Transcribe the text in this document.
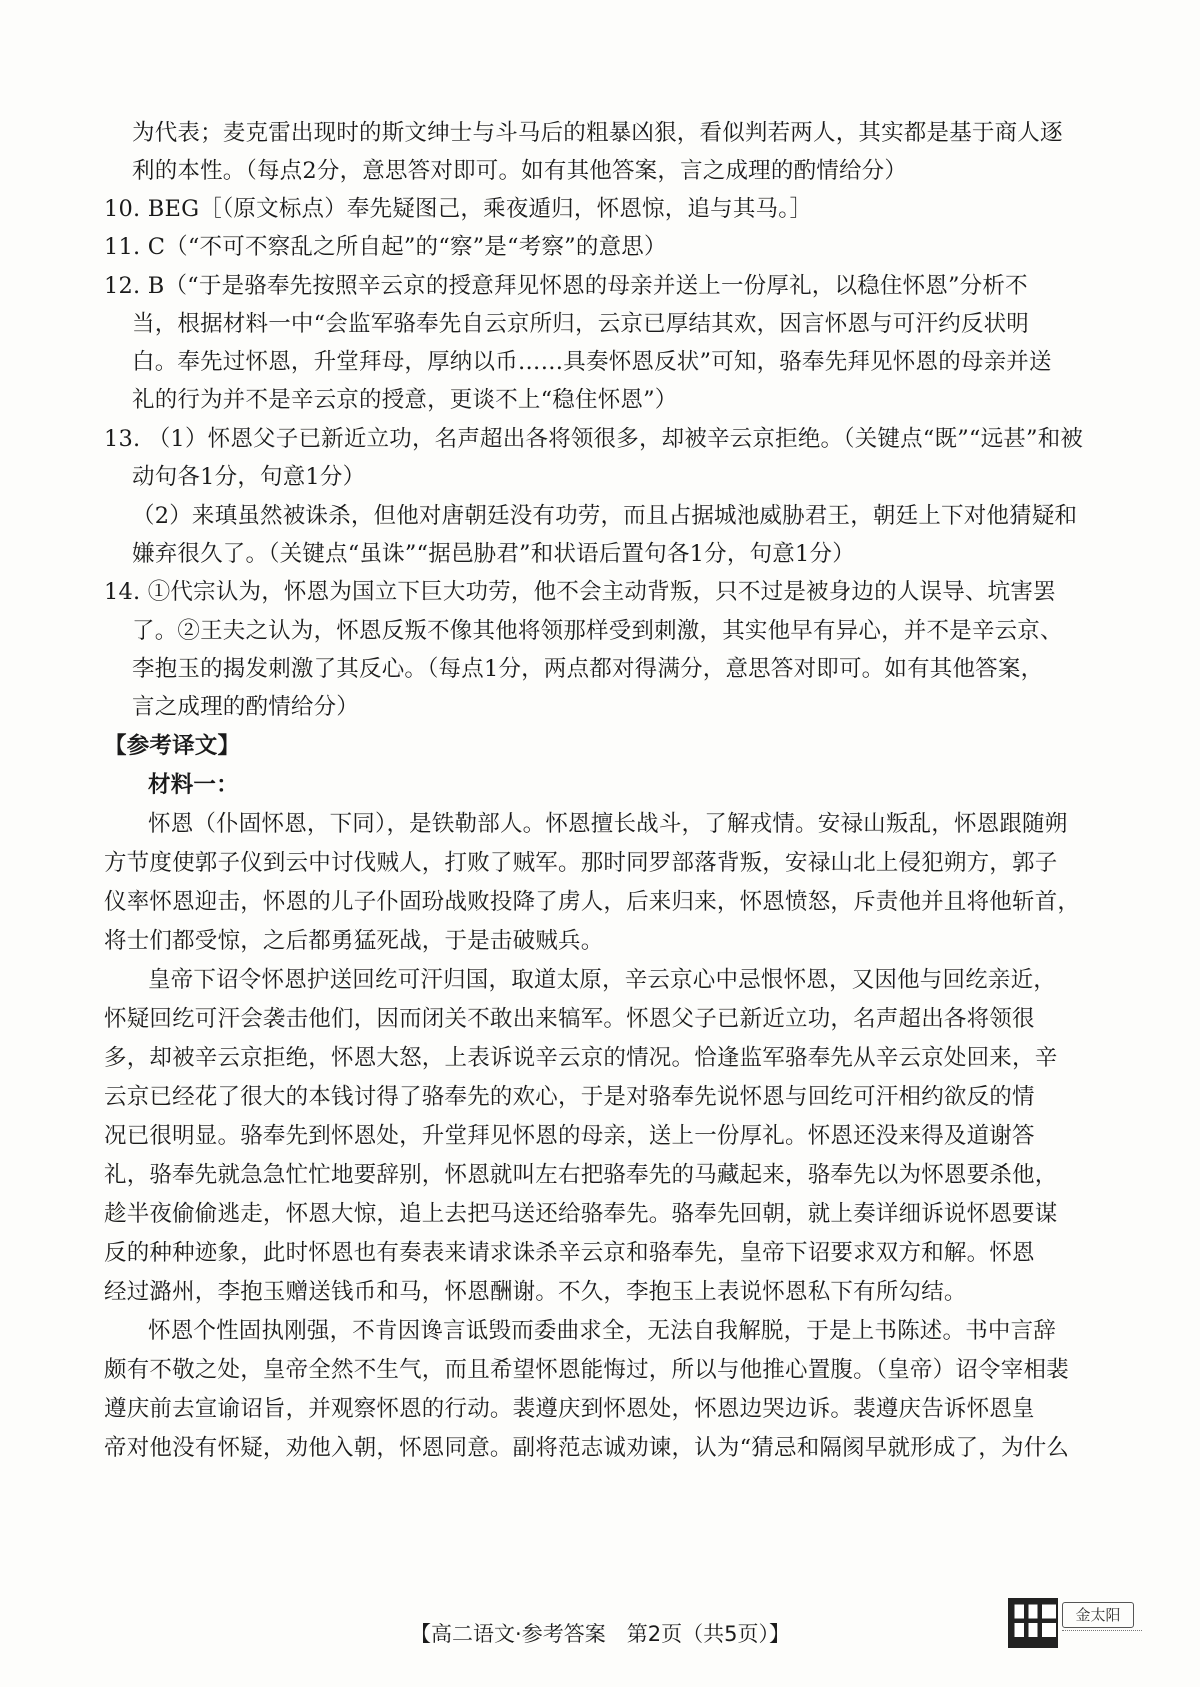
为代表；麦克雷出现时的斯文绅士与斗马后的粗暴凶狠，看似判若两人，其实都是基于商人逐
利的本性。（每点2分，意思答对即可。如有其他答案，言之成理的酌情给分）
10. BEG［（原文标点）奉先疑图己，乘夜遁归，怀恩惊，追与其马。］
11. C（“不可不察乱之所自起”的“察”是“考察”的意思）
12. B（“于是骆奉先按照辛云京的授意拜见怀恩的母亲并送上一份厚礼，以稳住怀恩”分析不
当，根据材料一中“会监军骆奉先自云京所归，云京已厚结其欢，因言怀恩与可汗约反状明
白。奉先过怀恩，升堂拜母，厚纳以币……具奏怀恩反状”可知，骆奉先拜见怀恩的母亲并送
礼的行为并不是辛云京的授意，更谈不上“稳住怀恩”）
13. （1）怀恩父子已新近立功，名声超出各将领很多，却被辛云京拒绝。（关键点“既”“远甚”和被
动句各1分，句意1分）
（2）来瑱虽然被诛杀，但他对唐朝廷没有功劳，而且占据城池威胁君王，朝廷上下对他猜疑和
嫌弃很久了。（关键点“虽诛”“据邑胁君”和状语后置句各1分，句意1分）
14. ①代宗认为，怀恩为国立下巨大功劳，他不会主动背叛，只不过是被身边的人误导、坑害罢
了。②王夫之认为，怀恩反叛不像其他将领那样受到刺激，其实他早有异心，并不是辛云京、
李抱玉的揭发刺激了其反心。（每点1分，两点都对得满分，意思答对即可。如有其他答案，
言之成理的酌情给分）
【参考译文】
材料一：
怀恩（仆固怀恩，下同），是铁勒部人。怀恩擅长战斗，了解戎情。安禄山叛乱，怀恩跟随朔
方节度使郭子仪到云中讨伐贼人，打败了贼军。那时同罗部落背叛，安禄山北上侵犯朔方，郭子
仪率怀恩迎击，怀恩的儿子仆固玢战败投降了虏人，后来归来，怀恩愤怒，斥责他并且将他斩首，
将士们都受惊，之后都勇猛死战，于是击破贼兵。
皇帝下诏令怀恩护送回纥可汗归国，取道太原，辛云京心中忌恨怀恩，又因他与回纥亲近，
怀疑回纥可汗会袭击他们，因而闭关不敢出来犒军。怀恩父子已新近立功，名声超出各将领很
多，却被辛云京拒绝，怀恩大怒，上表诉说辛云京的情况。恰逢监军骆奉先从辛云京处回来，辛
云京已经花了很大的本钱讨得了骆奉先的欢心，于是对骆奉先说怀恩与回纥可汗相约欲反的情
况已很明显。骆奉先到怀恩处，升堂拜见怀恩的母亲，送上一份厚礼。怀恩还没来得及道谢答
礼，骆奉先就急急忙忙地要辞别，怀恩就叫左右把骆奉先的马藏起来，骆奉先以为怀恩要杀他，
趁半夜偷偷逃走，怀恩大惊，追上去把马送还给骆奉先。骆奉先回朝，就上奏详细诉说怀恩要谋
反的种种迹象，此时怀恩也有奏表来请求诛杀辛云京和骆奉先，皇帝下诏要求双方和解。怀恩
经过潞州，李抱玉赠送钱币和马，怀恩酬谢。不久，李抱玉上表说怀恩私下有所勾结。
怀恩个性固执刚强，不肯因谗言诋毁而委曲求全，无法自我解脱，于是上书陈述。书中言辞
颇有不敬之处，皇帝全然不生气，而且希望怀恩能悔过，所以与他推心置腹。（皇帝）诏令宰相裴
遵庆前去宣谕诏旨，并观察怀恩的行动。裴遵庆到怀恩处，怀恩边哭边诉。裴遵庆告诉怀恩皇
帝对他没有怀疑，劝他入朝，怀恩同意。副将范志诚劝谏，认为“猜忌和隔阂早就形成了，为什么
【高二语文·参考答案　第2页（共5页）】
金太阳
